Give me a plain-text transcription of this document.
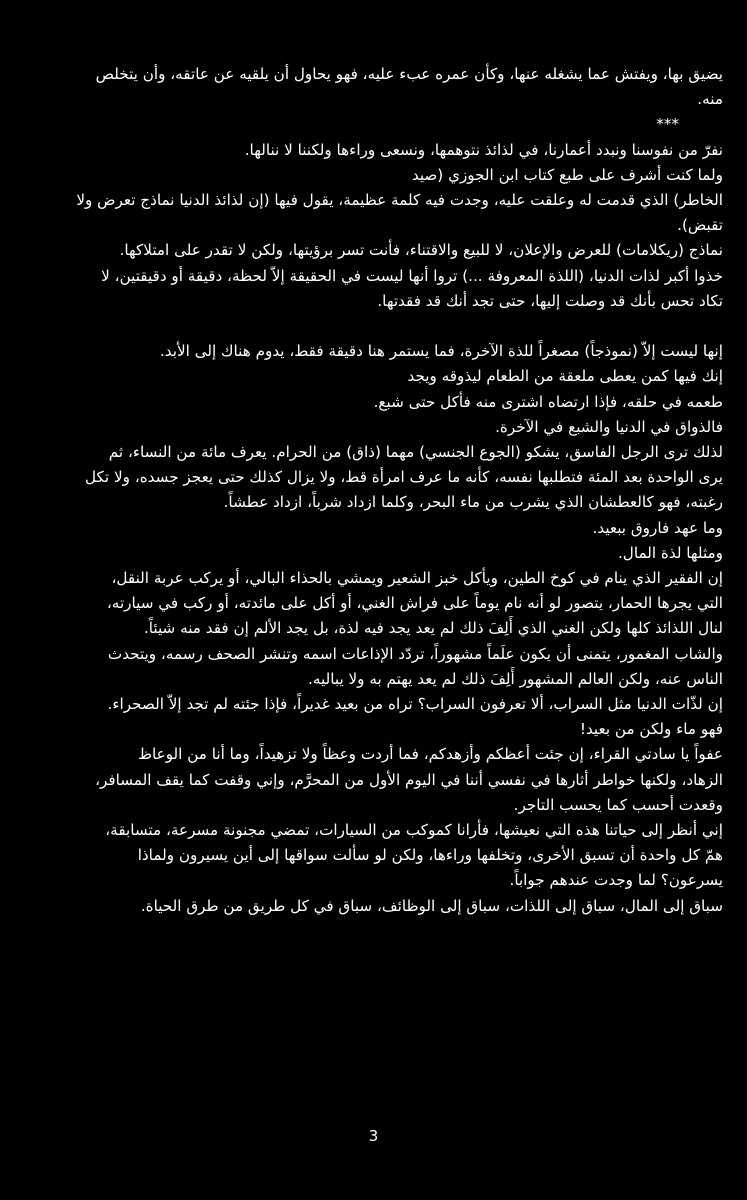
يضيق بها، ويفتش عما يشغله عنها، وكأن عمره عبء عليه، فهو يحاول أن يلقيه عن عاتقه، وأن يتخلص
منه.
***
نفرّ من نفوسنا ونبدد أعمارنا، في لذائذ نتوهمها، ونسعى وراءها ولكننا لا ننالها.
ولما كنت أشرف على طبع كتاب ابن الجوزي (صيد
الخاطر) الذي قدمت له وعلقت عليه، وجدت فيه كلمة عظيمة، يقول فيها (إن لذائذ الدنيا نماذج تعرض ولا
تقبض).
نماذج (ريكلامات) للعرض والإعلان، لا للبيع والاقتناء، فأنت تسر برؤيتها، ولكن لا تقدر على امتلاكها.
خذوا أكبر لذات الدنيا، (اللذة المعروفة ...) تروا أنها ليست في الحقيقة إلاّ لحظة، دقيقة أو دقيقتين، لا
تكاد تحس بأنك قد وصلت إليها، حتى تجد أنك قد فقدتها.
إنها ليست إلاّ (نموذجاً) مصغراً للذة الآخرة، فما يستمر هنا دقيقة فقط، يدوم هناك إلى الأبد.
إنك فيها كمن يعطى ملعقة من الطعام ليذوقه ويجد
طعمه في حلقه، فإذا ارتضاه اشترى منه فأكل حتى شبع.
فالذواق في الدنيا والشبع في الآخرة.
لذلك ترى الرجل الفاسق، يشكو (الجوع الجنسي) مهما (ذاق) من الحرام. يعرف مائة من النساء، ثم
يرى الواحدة بعد المئة فتطلبها نفسه، كأنه ما عرف امرأة قط، ولا يزال كذلك حتى يعجز جسده، ولا تكل
رغبته، فهو كالعطشان الذي يشرب من ماء البحر، وكلما ازداد شرباً، ازداد عطشاً.
وما عهد فاروق ببعيد.
ومثلها لذة المال.
إن الفقير الذي ينام في كوخ الطين، ويأكل خبز الشعير ويمشي بالحذاء البالي، أو يركب عربة النقل،
التي يجرها الحمار، يتصور لو أنه نام يوماً على فراش الغني، أو أكل على مائدته، أو ركب في سيارته،
لنال اللذائذ كلها ولكن الغني الذي أَلِفَ ذلك لم يعد يجد فيه لذة، بل يجد الألم إن فقد منه شيئاً.
والشاب المغمور، يتمنى أن يكون علَماً مشهوراً، تردّد الإذاعات اسمه وتنشر الصحف رسمه، ويتحدث
الناس عنه، ولكن العالم المشهور أَلِفَ ذلك لم يعد يهتم به ولا يباليه.
إن لذّات الدنيا مثل السراب، ألا تعرفون السراب؟ تراه من بعيد غديراً، فإذا جئته لم تجد إلاّ الصحراء.
فهو ماء ولكن من بعيد!
عفواً يا سادتي القراء، إن جئت أعظكم وأزهدكم، فما أردت وعظاً ولا تزهيداً، وما أنا من الوعاظ
الزهاد، ولكنها خواطر أثارها في نفسي أننا في اليوم الأول من المحرَّم، وإني وقفت كما يقف المسافر،
وقعدت أحسب كما يحسب التاجر.
إني أنظر إلى حياتنا هذه التي نعيشها، فأرانا كموكب من السيارات، تمضي مجنونة مسرعة، متسابقة،
همّ كل واحدة أن تسبق الأخرى، وتخلفها وراءها، ولكن لو سألت سواقها إلى أين يسيرون ولماذا
يسرعون؟ لما وجدت عندهم جواباً.
سباق إلى المال، سباق إلى اللذات، سباق إلى الوظائف، سباق في كل طريق من طرق الحياة.
3
